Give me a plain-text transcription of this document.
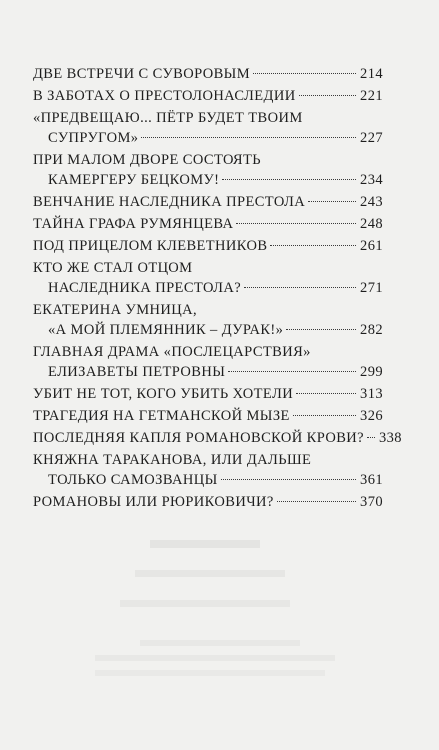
ДВЕ ВСТРЕЧИ С СУВОРОВЫМ	214
В ЗАБОТАХ О ПРЕСТОЛОНАСЛЕДИИ	221
«ПРЕДВЕЩАЮ... ПЁТР БУДЕТ ТВОИМ
СУПРУГОМ»	227
ПРИ МАЛОМ ДВОРЕ СОСТОЯТЬ
КАМЕРГЕРУ БЕЦКОМУ!	234
ВЕНЧАНИЕ НАСЛЕДНИКА ПРЕСТОЛА	243
ТАЙНА ГРАФА РУМЯНЦЕВА	248
ПОД ПРИЦЕЛОМ КЛЕВЕТНИКОВ	261
КТО ЖЕ СТАЛ ОТЦОМ
НАСЛЕДНИКА ПРЕСТОЛА?	271
ЕКАТЕРИНА УМНИЦА,
«А МОЙ ПЛЕМЯННИК – ДУРАК!»	282
ГЛАВНАЯ ДРАМА «ПОСЛЕЦАРСТВИЯ»
ЕЛИЗАВЕТЫ ПЕТРОВНЫ	299
УБИТ НЕ ТОТ, КОГО УБИТЬ ХОТЕЛИ	313
ТРАГЕДИЯ НА ГЕТМАНСКОЙ МЫЗЕ	326
ПОСЛЕДНЯЯ КАПЛЯ РОМАНОВСКОЙ КРОВИ? 338
КНЯЖНА ТАРАКАНОВА, ИЛИ ДАЛЬШЕ
ТОЛЬКО САМОЗВАНЦЫ	361
РОМАНОВЫ ИЛИ РЮРИКОВИЧИ?	370
